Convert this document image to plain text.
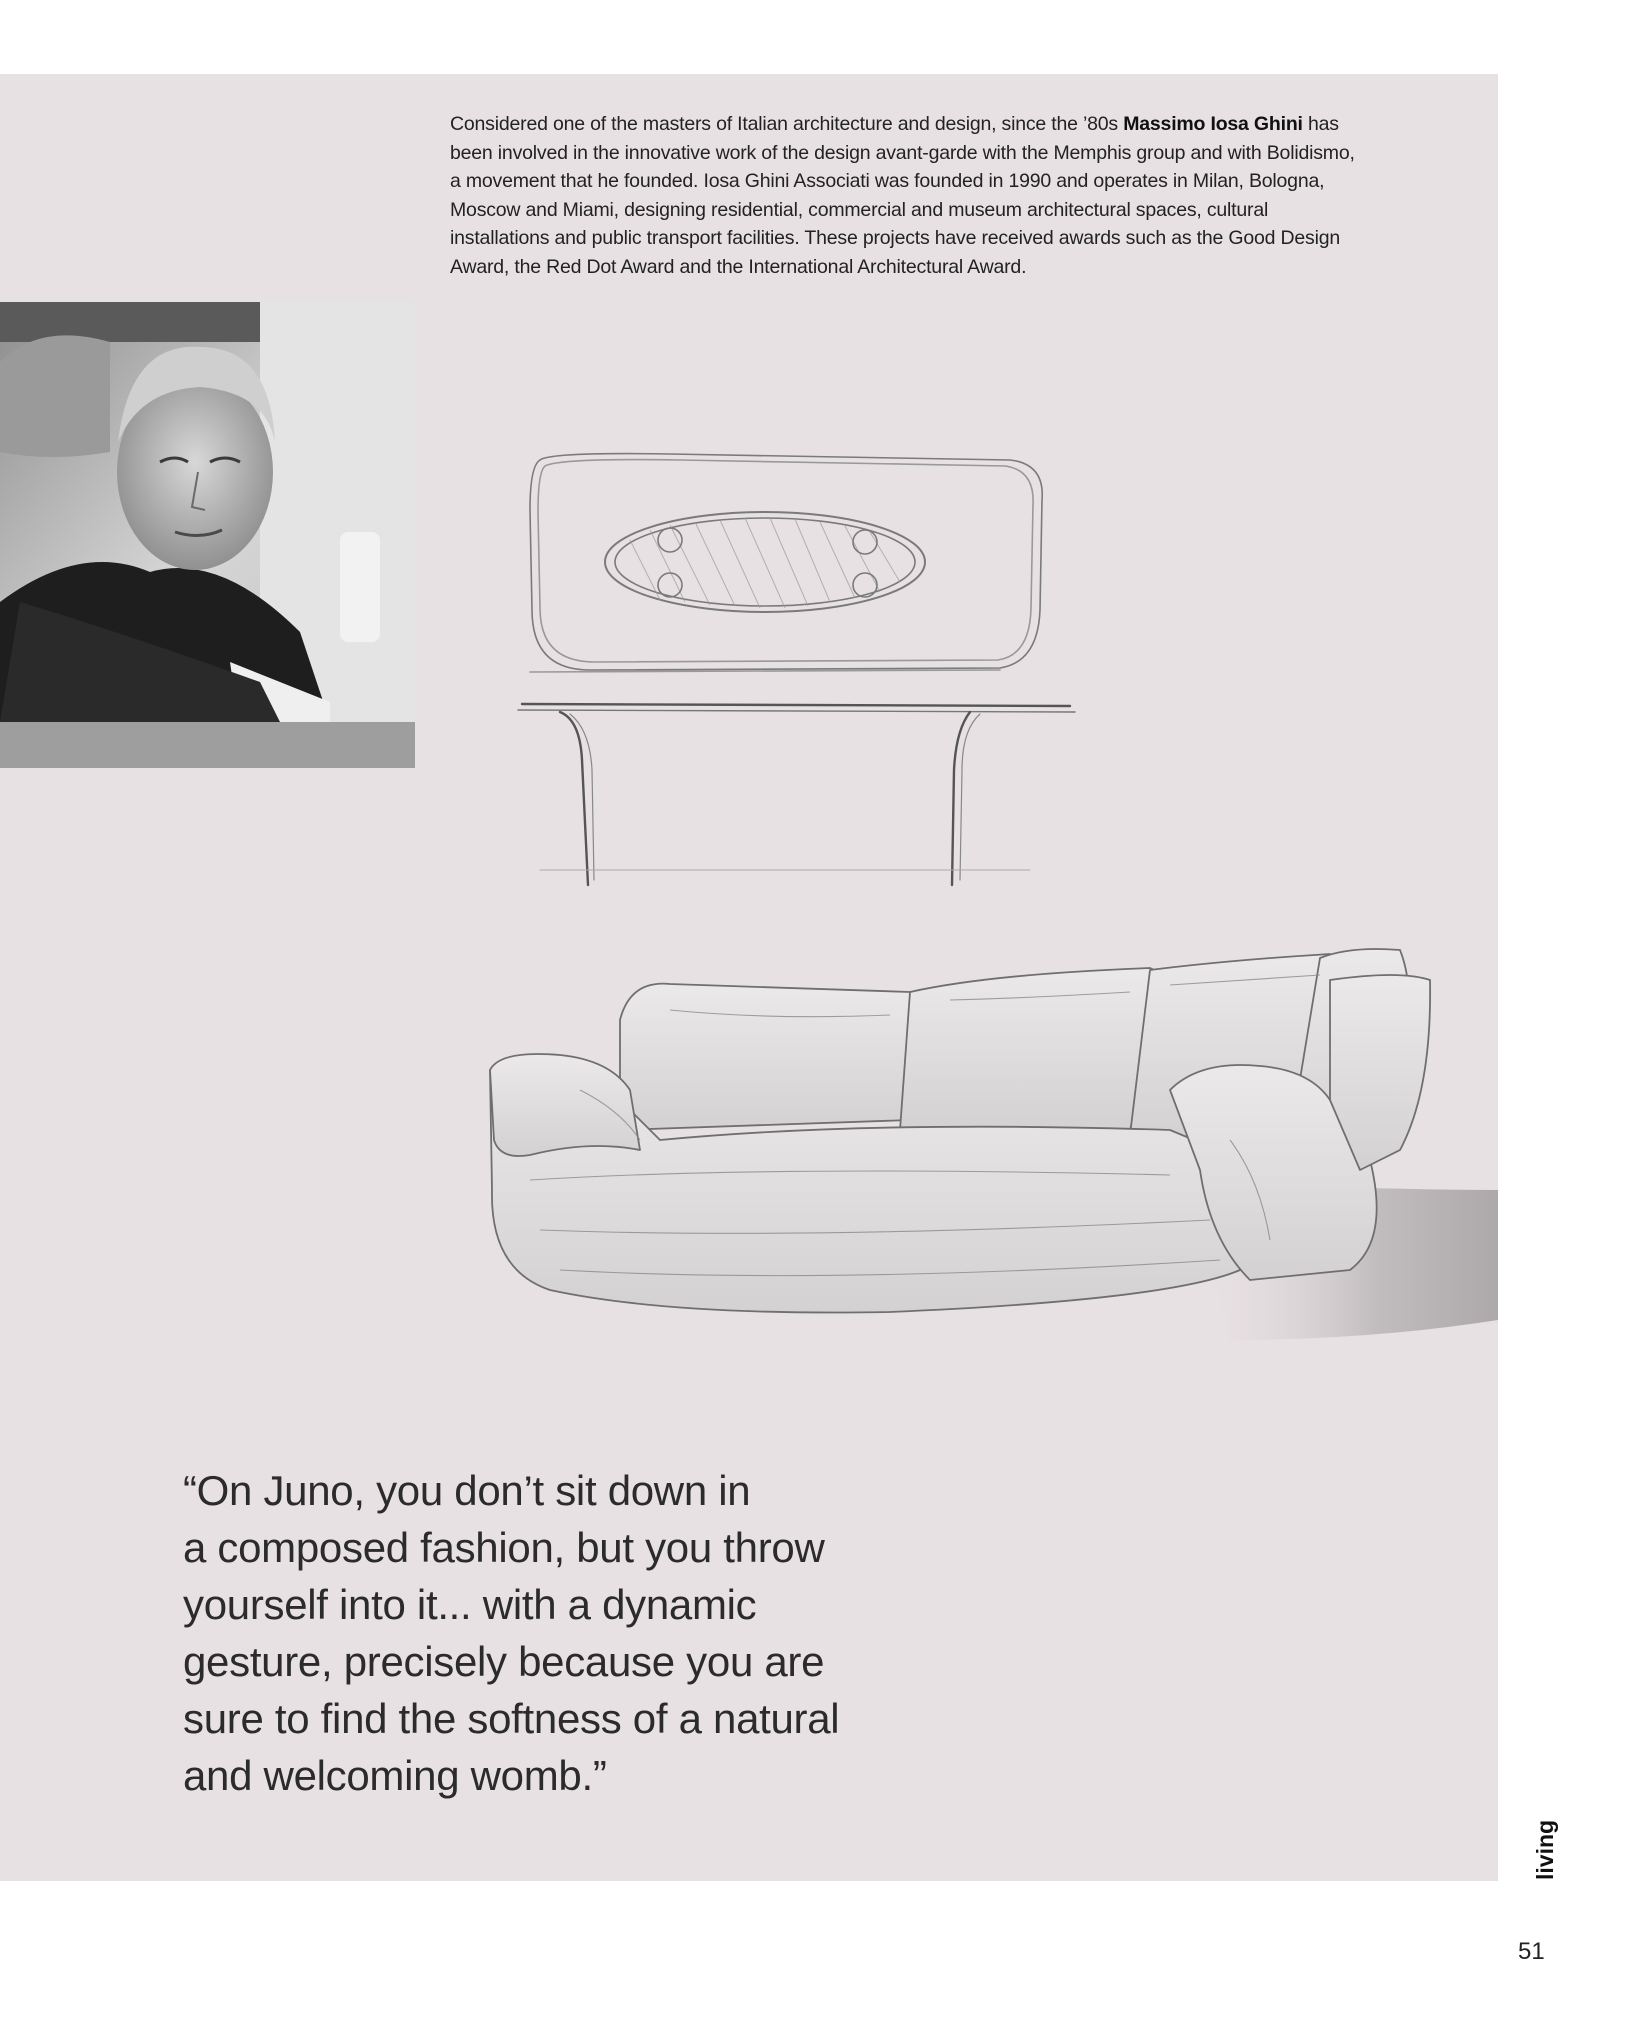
Considered one of the masters of Italian architecture and design, since the ’80s Massimo Iosa Ghini has been involved in the innovative work of the design avant-garde with the Memphis group and with Bolidismo, a movement that he founded. Iosa Ghini Associati was founded in 1990 and operates in Milan, Bologna, Moscow and Miami, designing residential, commercial and museum architectural spaces, cultural installations and public transport facilities. These projects have received awards such as the Good Design Award, the Red Dot Award and the International Architectural Award.

“On Juno, you don’t sit down in
a composed fashion, but you throw
yourself into it... with a dynamic
gesture, precisely because you are
sure to find the softness of a natural
and welcoming womb.”

living
51
